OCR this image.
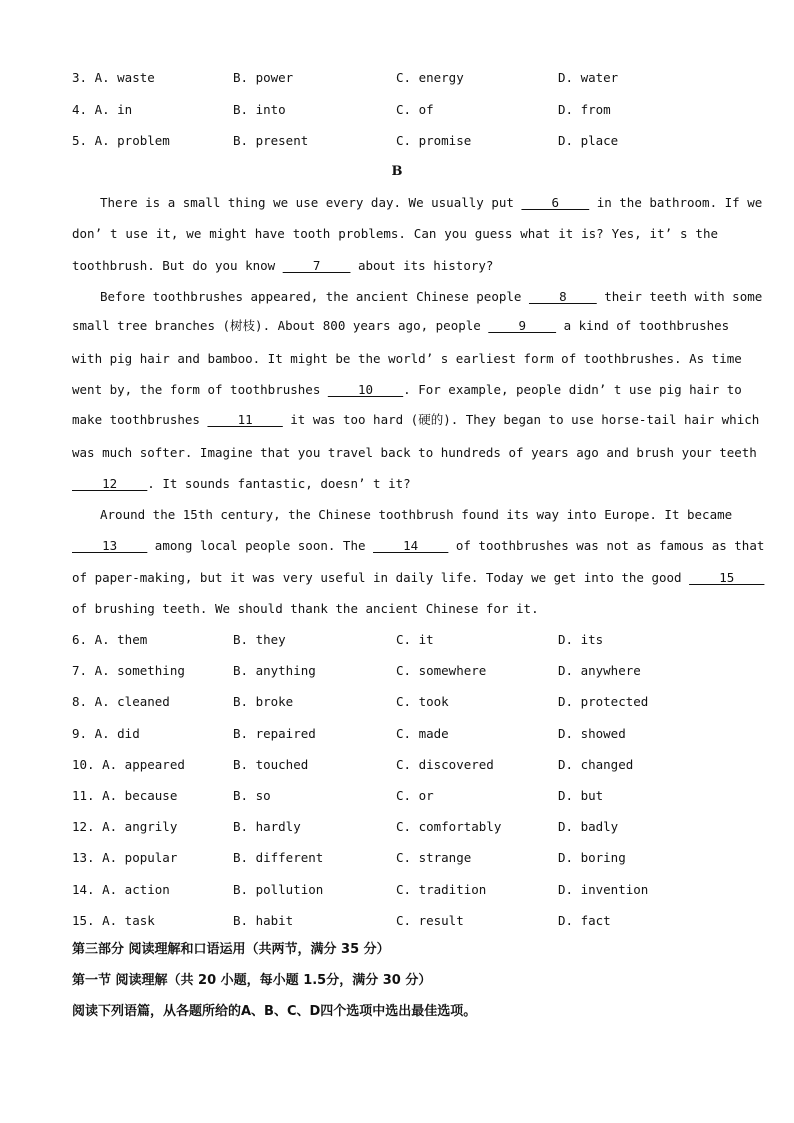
3. A. waste	B. power	C. energy	D. water
4. A. in	B. into	C. of	D. from
5. A. problem	B. present	C. promise	D. place
B
There is a small thing we use every day. We usually put ____6____ in the bathroom. If we
don’ t use it, we might have tooth problems. Can you guess what it is? Yes, it’ s the
toothbrush. But do you know ____7____ about its history?
Before toothbrushes appeared, the ancient Chinese people ____8____ their teeth with some
small tree branches (树枝). About 800 years ago, people ____9____ a kind of toothbrushes
with pig hair and bamboo. It might be the world’ s earliest form of toothbrushes. As time
went by, the form of toothbrushes ____10____. For example, people didn’ t use pig hair to
make toothbrushes ____11____ it was too hard (硬的). They began to use horse-tail hair which
was much softer. Imagine that you travel back to hundreds of years ago and brush your teeth
____12____. It sounds fantastic, doesn’ t it?
Around the 15th century, the Chinese toothbrush found its way into Europe. It became
____13____ among local people soon. The ____14____ of toothbrushes was not as famous as that
of paper-making, but it was very useful in daily life. Today we get into the good ____15____
of brushing teeth. We should thank the ancient Chinese for it.
6. A. them	B. they	C. it	D. its
7. A. something	B. anything	C. somewhere	D. anywhere
8. A. cleaned	B. broke	C. took	D. protected
9. A. did	B. repaired	C. made	D. showed
10. A. appeared	B. touched	C. discovered	D. changed
11. A. because	B. so	C. or	D. but
12. A. angrily	B. hardly	C. comfortably	D. badly
13. A. popular	B. different	C. strange	D. boring
14. A. action	B. pollution	C. tradition	D. invention
15. A. task	B. habit	C. result	D. fact
第三部分 阅读理解和口语运用（共两节，满分 35 分）
第一节 阅读理解（共 20 小题，每小题 1.5分，满分 30 分）
阅读下列语篇，从各题所给的A、B、C、D四个选项中选出最佳选项。
